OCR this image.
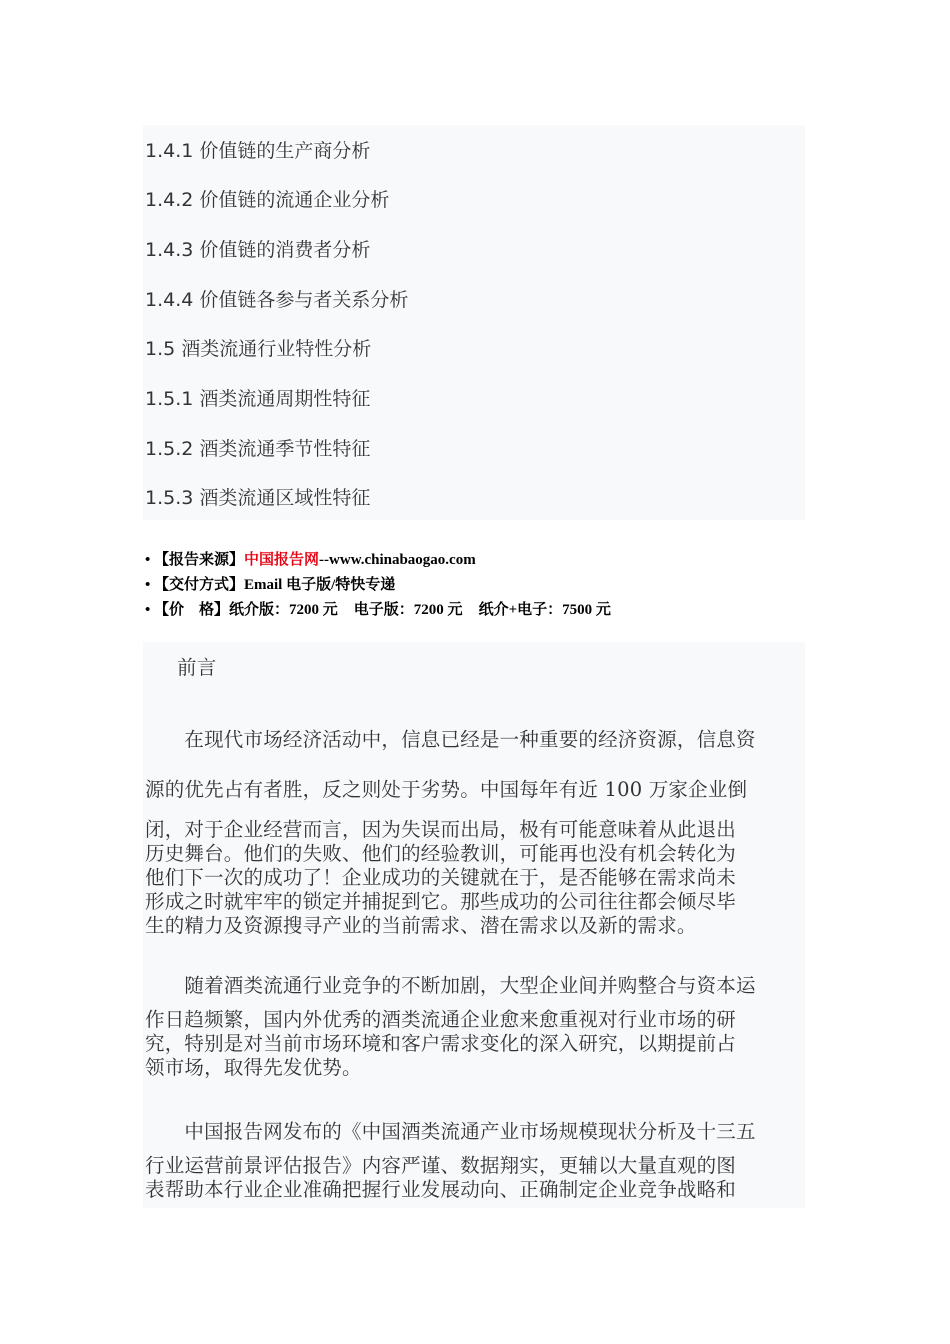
1.4.1 价值链的生产商分析
1.4.2 价值链的流通企业分析
1.4.3 价值链的消费者分析
1.4.4 价值链各参与者关系分析
1.5 酒类流通行业特性分析
1.5.1 酒类流通周期性特征
1.5.2 酒类流通季节性特征
1.5.3 酒类流通区域性特征
• 【报告来源】中国报告网--www.chinabaogao.com
• 【交付方式】Email 电子版/特快专递
• 【价　格】纸介版：7200 元 电子版：7200 元 纸介+电子：7500 元
前言
　　在现代市场经济活动中，信息已经是一种重要的经济资源，信息资
源的优先占有者胜，反之则处于劣势。中国每年有近 100 万家企业倒
闭，对于企业经营而言，因为失误而出局，极有可能意味着从此退出
历史舞台。他们的失败、他们的经验教训，可能再也没有机会转化为
他们下一次的成功了！企业成功的关键就在于，是否能够在需求尚未
形成之时就牢牢的锁定并捕捉到它。那些成功的公司往往都会倾尽毕
生的精力及资源搜寻产业的当前需求、潜在需求以及新的需求。
　　随着酒类流通行业竞争的不断加剧，大型企业间并购整合与资本运
作日趋频繁，国内外优秀的酒类流通企业愈来愈重视对行业市场的研
究，特别是对当前市场环境和客户需求变化的深入研究，以期提前占
领市场，取得先发优势。
　　中国报告网发布的《中国酒类流通产业市场规模现状分析及十三五
行业运营前景评估报告》内容严谨、数据翔实，更辅以大量直观的图
表帮助本行业企业准确把握行业发展动向、正确制定企业竞争战略和
